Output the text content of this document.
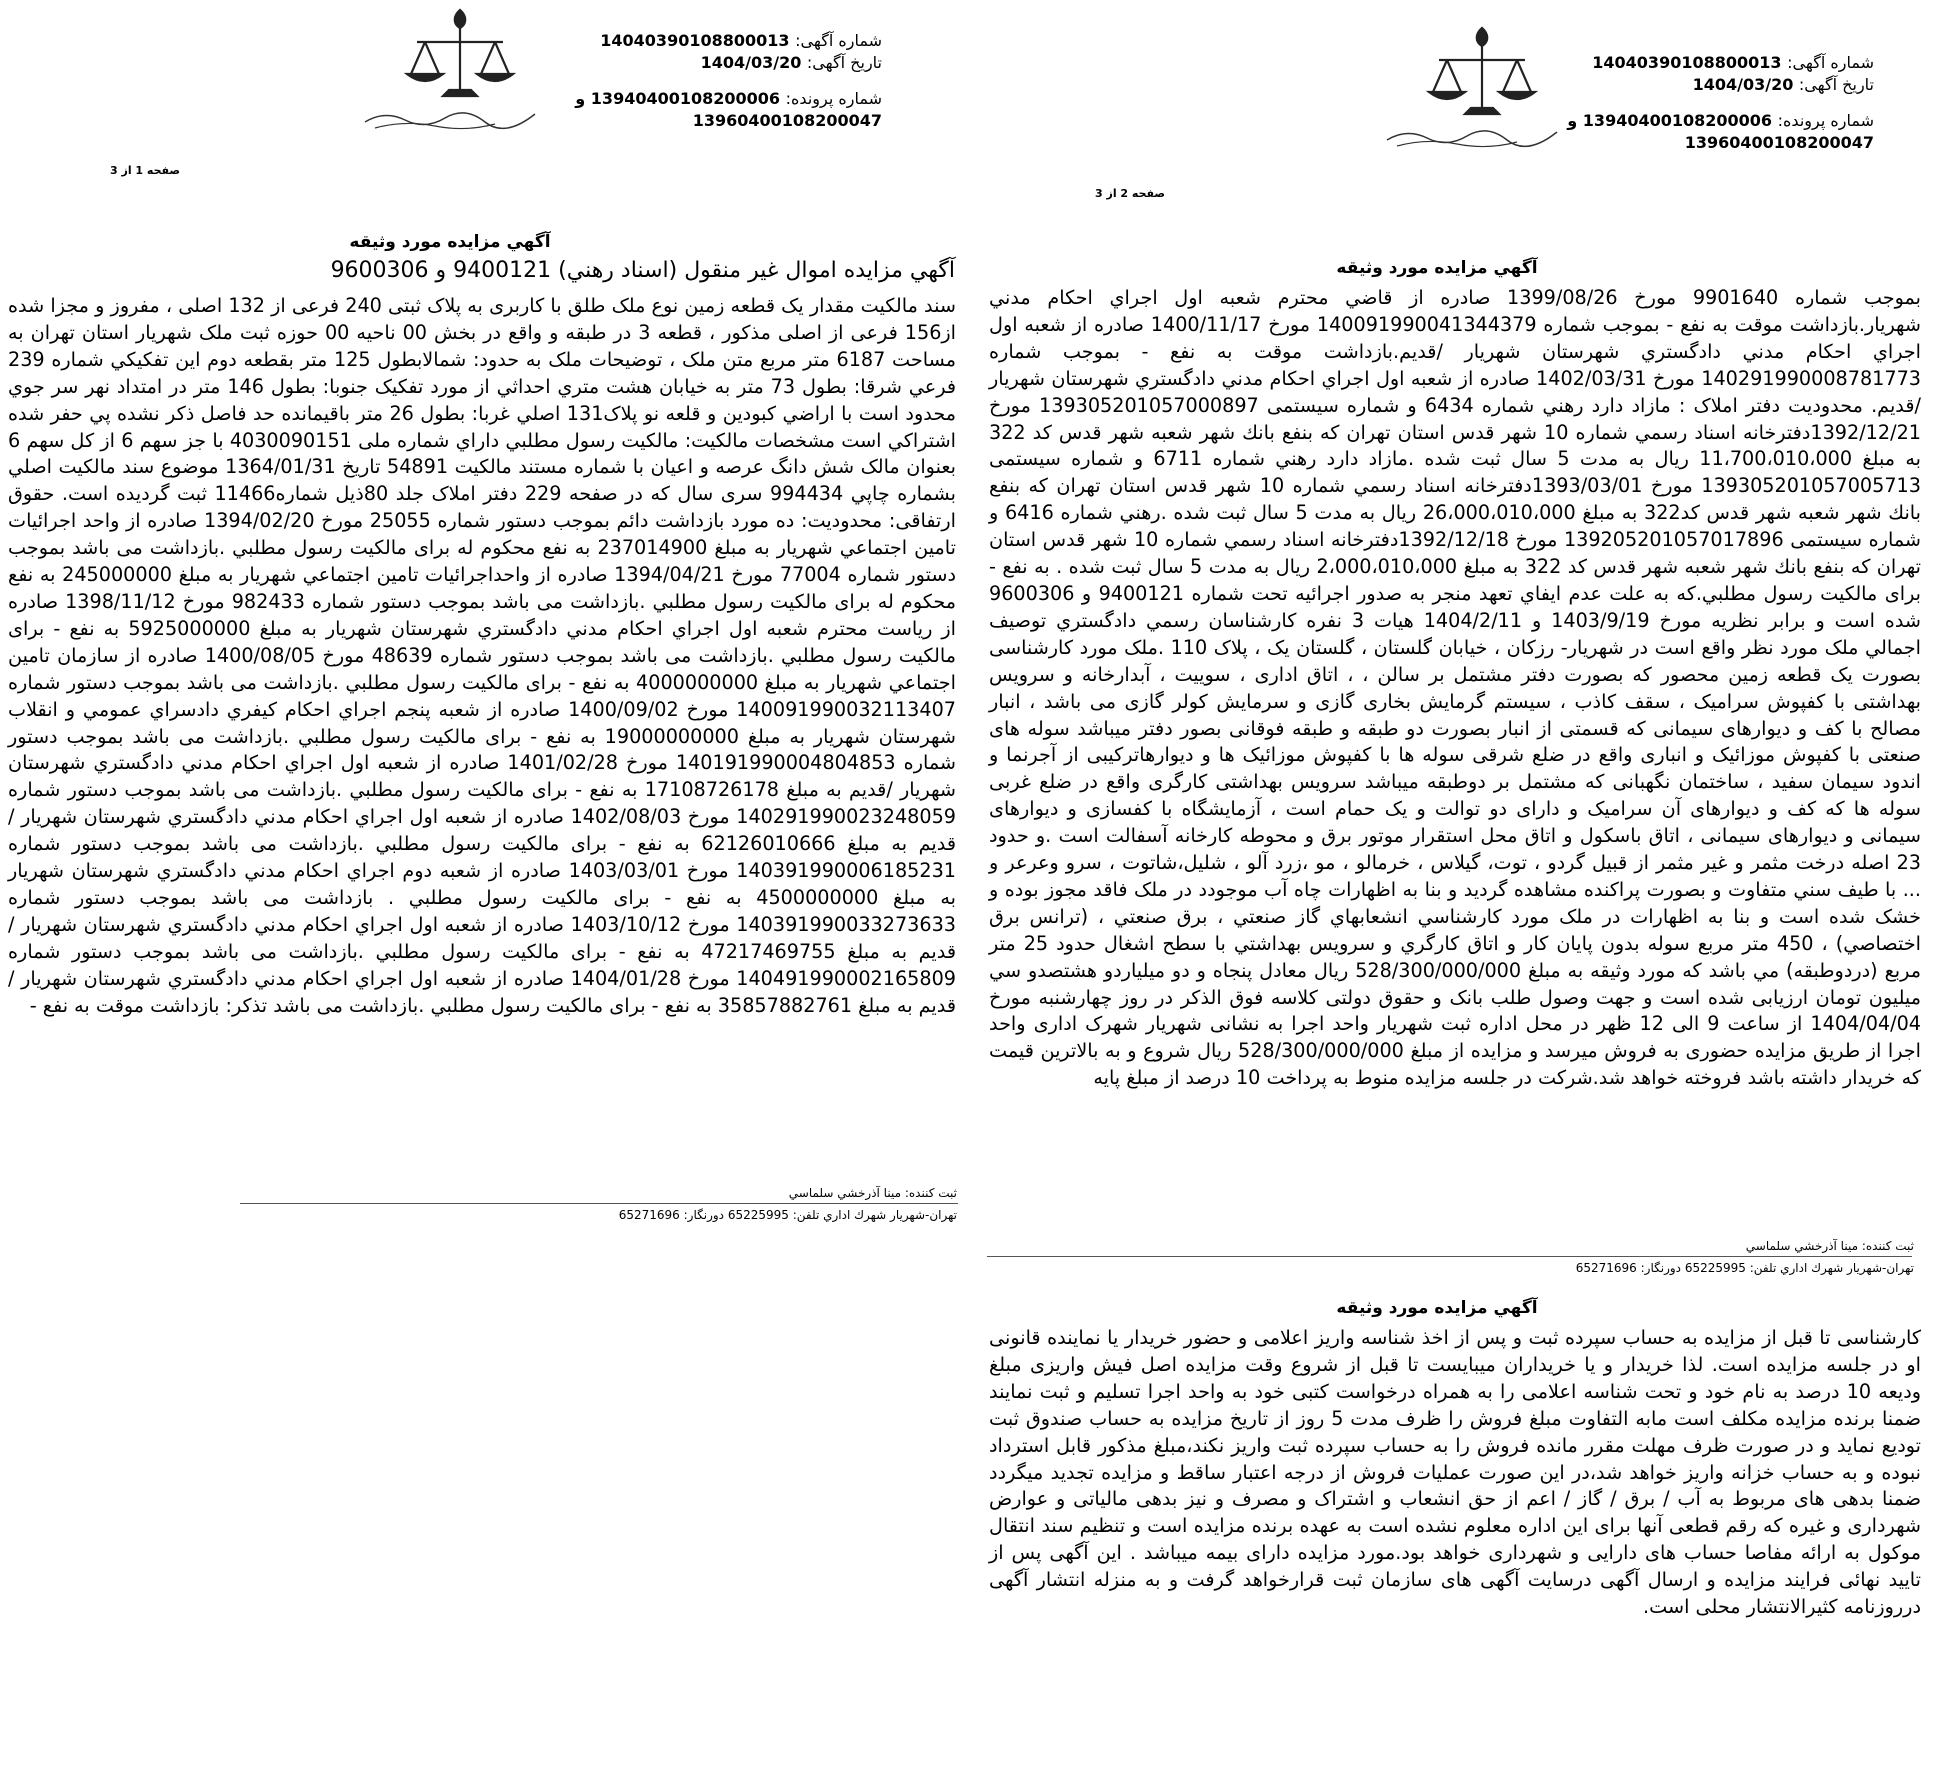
شماره آگهی: 14040390108800013
تاریخ آگهی: 1404/03/20
شماره پرونده: 13940400108200006 و
13960400108200047
صفحه 1 از 3
آگهي مزايده مورد وثيقه
آگهي مزايده اموال غير منقول (اسناد رهني) 9400121 و 9600306
سند مالکیت مقدار یک قطعه زمین نوع ملک طلق با کاربری به پلاک ثبتی 240 فرعی از 132 اصلی ، مفروز و مجزا شده از156 فرعی از اصلی مذکور ، قطعه 3 در طبقه و واقع در بخش 00 ناحیه 00 حوزه ثبت ملک شهریار استان تهران به مساحت 6187 متر مربع متن ملک ، توضیحات ملک به حدود: شمالابطول 125 متر بقطعه دوم این تفکیکي شماره 239 فرعي شرقا: بطول 73 متر به خیابان هشت متري احداثي از مورد تفکیک جنوبا: بطول 146 متر در امتداد نهر سر جوي محدود است با اراضي کبودین و قلعه نو پلاک131 اصلي غربا: بطول 26 متر باقیمانده حد فاصل ذکر نشده پي حفر شده اشتراکي است مشخصات مالکیت: مالکیت رسول مطلبي داراي شماره ملی 4030090151 با جز سهم 6 از کل سهم 6 بعنوان مالک شش دانگ عرصه و اعیان با شماره مستند مالکیت 54891 تاریخ 1364/01/31 موضوع سند مالکیت اصلي بشماره چاپي 994434 سری سال که در صفحه 229 دفتر املاک جلد 80ذیل شماره11466 ثبت گردیده است. حقوق ارتفاقی: محدودیت: ده مورد بازداشت دائم بموجب دستور شماره 25055 مورخ 1394/02/20 صادره از واحد اجرائیات تامین اجتماعي شهریار به مبلغ 237014900 به نفع محکوم له برای مالکیت رسول مطلبي .بازداشت می باشد بموجب دستور شماره 77004 مورخ 1394/04/21 صادره از واحداجرائیات تامین اجتماعي شهریار به مبلغ 245000000 به نفع محکوم له برای مالکیت رسول مطلبي .بازداشت می باشد بموجب دستور شماره 982433 مورخ 1398/11/12 صادره از ریاست محترم شعبه اول اجراي احکام مدني دادگستري شهرستان شهریار به مبلغ 5925000000 به نفع - برای مالکیت رسول مطلبي .بازداشت می باشد بموجب دستور شماره 48639 مورخ 1400/08/05 صادره از سازمان تامین اجتماعي شهریار به مبلغ 4000000000 به نفع - برای مالکیت رسول مطلبي .بازداشت می باشد بموجب دستور شماره 140091990032113407 مورخ 1400/09/02 صادره از شعبه پنجم اجراي احکام کیفري دادسراي عمومي و انقلاب شهرستان شهریار به مبلغ 19000000000 به نفع - برای مالکیت رسول مطلبي .بازداشت می باشد بموجب دستور شماره 140191990004804853 مورخ 1401/02/28 صادره از شعبه اول اجراي احکام مدني دادگستري شهرستان شهریار /قدیم به مبلغ 17108726178 به نفع - برای مالکیت رسول مطلبي .بازداشت می باشد بموجب دستور شماره 140291990023248059 مورخ 1402/08/03 صادره از شعبه اول اجراي احکام مدني دادگستري شهرستان شهریار /قدیم به مبلغ 62126010666 به نفع - برای مالکیت رسول مطلبي .بازداشت می باشد بموجب دستور شماره 140391990006185231 مورخ 1403/03/01 صادره از شعبه دوم اجراي احکام مدني دادگستري شهرستان شهریار به مبلغ 4500000000 به نفع - برای مالکیت رسول مطلبي . بازداشت می باشد بموجب دستور شماره 140391990033273633 مورخ 1403/10/12 صادره از شعبه اول اجراي احکام مدني دادگستري شهرستان شهریار /قدیم به مبلغ 47217469755 به نفع - برای مالکیت رسول مطلبي .بازداشت می باشد بموجب دستور شماره 140491990002165809 مورخ 1404/01/28 صادره از شعبه اول اجراي احکام مدني دادگستري شهرستان شهریار /قدیم به مبلغ 35857882761 به نفع - برای مالکیت رسول مطلبي .بازداشت می باشد تذکر: بازداشت موقت به نفع -
ثبت کننده: مینا آذرخشي سلماسي
تهران-شهریار شهرك اداري تلفن: 65225995 دورنگار: 65271696
شماره آگهی: 14040390108800013
تاریخ آگهی: 1404/03/20
شماره پرونده: 13940400108200006 و
13960400108200047
صفحه 2 از 3
آگهي مزايده مورد وثيقه
بموجب شماره 9901640 مورخ 1399/08/26 صادره از قاضي محترم شعبه اول اجراي احکام مدني شهريار.بازداشت موقت به نفع - بموجب شماره 140091990041344379 مورخ 1400/11/17 صادره از شعبه اول اجراي احکام مدني دادگستري شهرستان شهريار /قديم.بازداشت موقت به نفع - بموجب شماره 140291990008781773 مورخ 1402/03/31 صادره از شعبه اول اجراي احکام مدني دادگستري شهرستان شهريار /قديم. محدوديت دفتر املاک : مازاد دارد رهني شماره 6434 و شماره سيستمی 139305201057000897 مورخ 1392/12/21دفترخانه اسناد رسمي شماره 10 شهر قدس استان تهران که بنفع بانك شهر شعبه شهر قدس کد 322 به مبلغ 11،700،010،000 ريال به مدت 5 سال ثبت شده .مازاد دارد رهني شماره 6711 و شماره سيستمی 139305201057005713 مورخ 1393/03/01دفترخانه اسناد رسمي شماره 10 شهر قدس استان تهران که بنفع بانك شهر شعبه شهر قدس کد322 به مبلغ 26،000،010،000 ريال به مدت 5 سال ثبت شده .رهني شماره 6416 و شماره سيستمی 139205201057017896 مورخ 1392/12/18دفترخانه اسناد رسمي شماره 10 شهر قدس استان تهران که بنفع بانك شهر شعبه شهر قدس کد 322 به مبلغ 2،000،010،000 ريال به مدت 5 سال ثبت شده . به نفع - برای مالکیت رسول مطلبي.که به علت عدم ايفاي تعهد منجر به صدور اجرائيه تحت شماره 9400121 و 9600306 شده است و برابر نظريه مورخ 1403/9/19 و 1404/2/11 هيات 3 نفره کارشناسان رسمي دادگستري توصيف اجمالي ملک مورد نظر واقع است در شهريار- رزکان ، خيابان گلستان ، گلستان يک ، پلاک 110 .ملک مورد کارشناسی بصورت يک قطعه زمين محصور که بصورت دفتر مشتمل بر سالن ، ، اتاق اداری ، سوييت ، آبدارخانه و سرويس بهداشتی با کفپوش سراميک ، سقف کاذب ، سيستم گرمايش بخاری گازی و سرمايش کولر گازی می باشد ، انبار مصالح با کف و ديوارهای سيمانی که قسمتی از انبار بصورت دو طبقه و طبقه فوقانی بصور دفتر ميباشد سوله های صنعتی با کفپوش موزائيک و انباری واقع در ضلع شرقی سوله ها با کفپوش موزائيک ها و ديوارهاترکيبی از آجرنما و اندود سيمان سفيد ، ساختمان نگهبانی که مشتمل بر دوطبقه ميباشد سرويس بهداشتی کارگری واقع در ضلع غربی سوله ها که کف و ديوارهای آن سراميک و دارای دو توالت و يک حمام است ، آزمايشگاه با کفسازی و ديوارهای سيمانی و ديوارهای سيمانی ، اتاق باسکول و اتاق محل استقرار موتور برق و محوطه کارخانه آسفالت است .و حدود 23 اصله درخت مثمر و غير مثمر از قبيل گردو ، توت، گيلاس ، خرمالو ، مو ،زرد آلو ، شليل،شاتوت ، سرو وعرعر و ... با طيف سني متفاوت و بصورت پراکنده مشاهده گرديد و بنا به اظهارات چاه آب موجودد در ملک فاقد مجوز بوده و خشک شده است و بنا به اظهارات در ملک مورد کارشناسي انشعابهاي گاز صنعتي ، برق صنعتي ، (ترانس برق اختصاصي) ، 450 متر مربع سوله بدون پايان کار و اتاق کارگري و سرويس بهداشتي با سطح اشغال حدود 25 متر مربع (دردوطبقه) مي باشد که مورد وثيقه به مبلغ 528/300/000/000 ريال معادل پنجاه و دو ميلياردو هشتصدو سي ميليون تومان ارزيابی شده است و جهت وصول طلب بانک و حقوق دولتی کلاسه فوق الذکر در روز چهارشنبه مورخ 1404/04/04 از ساعت 9 الی 12 ظهر در محل اداره ثبت شهريار واحد اجرا به نشانی شهريار شهرک اداری واحد اجرا از طريق مزايده حضوری به فروش ميرسد و مزايده از مبلغ 528/300/000/000 ريال شروع و به بالاترين قيمت که خريدار داشته باشد فروخته خواهد شد.شرکت در جلسه مزايده منوط به پرداخت 10 درصد از مبلغ پايه
ثبت کننده: مینا آذرخشي سلماسي
تهران-شهریار شهرك اداري تلفن: 65225995 دورنگار: 65271696
آگهي مزايده مورد وثيقه
کارشناسی تا قبل از مزايده به حساب سپرده ثبت و پس از اخذ شناسه واريز اعلامی و حضور خريدار يا نماينده قانونی او در جلسه مزايده است. لذا خريدار و يا خريداران ميبايست تا قبل از شروع وقت مزايده اصل فيش واريزی مبلغ وديعه 10 درصد به نام خود و تحت شناسه اعلامی را به همراه درخواست کتبی خود به واحد اجرا تسليم و ثبت نمايند ضمنا برنده مزايده مکلف است مابه التفاوت مبلغ فروش را ظرف مدت 5 روز از تاريخ مزايده به حساب صندوق ثبت توديع نمايد و در صورت ظرف مهلت مقرر مانده فروش را به حساب سپرده ثبت واريز نکند،مبلغ مذکور قابل استرداد نبوده و به حساب خزانه واريز خواهد شد،در اين صورت عمليات فروش از درجه اعتبار ساقط و مزايده تجديد ميگردد ضمنا بدهی های مربوط به آب / برق / گاز / اعم از حق انشعاب و اشتراک و مصرف و نيز بدهی مالياتی و عوارض شهرداری و غيره که رقم قطعی آنها برای اين اداره معلوم نشده است به عهده برنده مزايده است و تنظيم سند انتقال موکول به ارائه مفاصا حساب های دارايی و شهرداری خواهد بود.مورد مزايده دارای بيمه ميباشد . اين آگهی پس از تاييد نهائی فرايند مزايده و ارسال آگهی درسايت آگهی های سازمان ثبت قرارخواهد گرفت و به منزله انتشار آگهی درروزنامه کثيرالانتشار محلی است.
